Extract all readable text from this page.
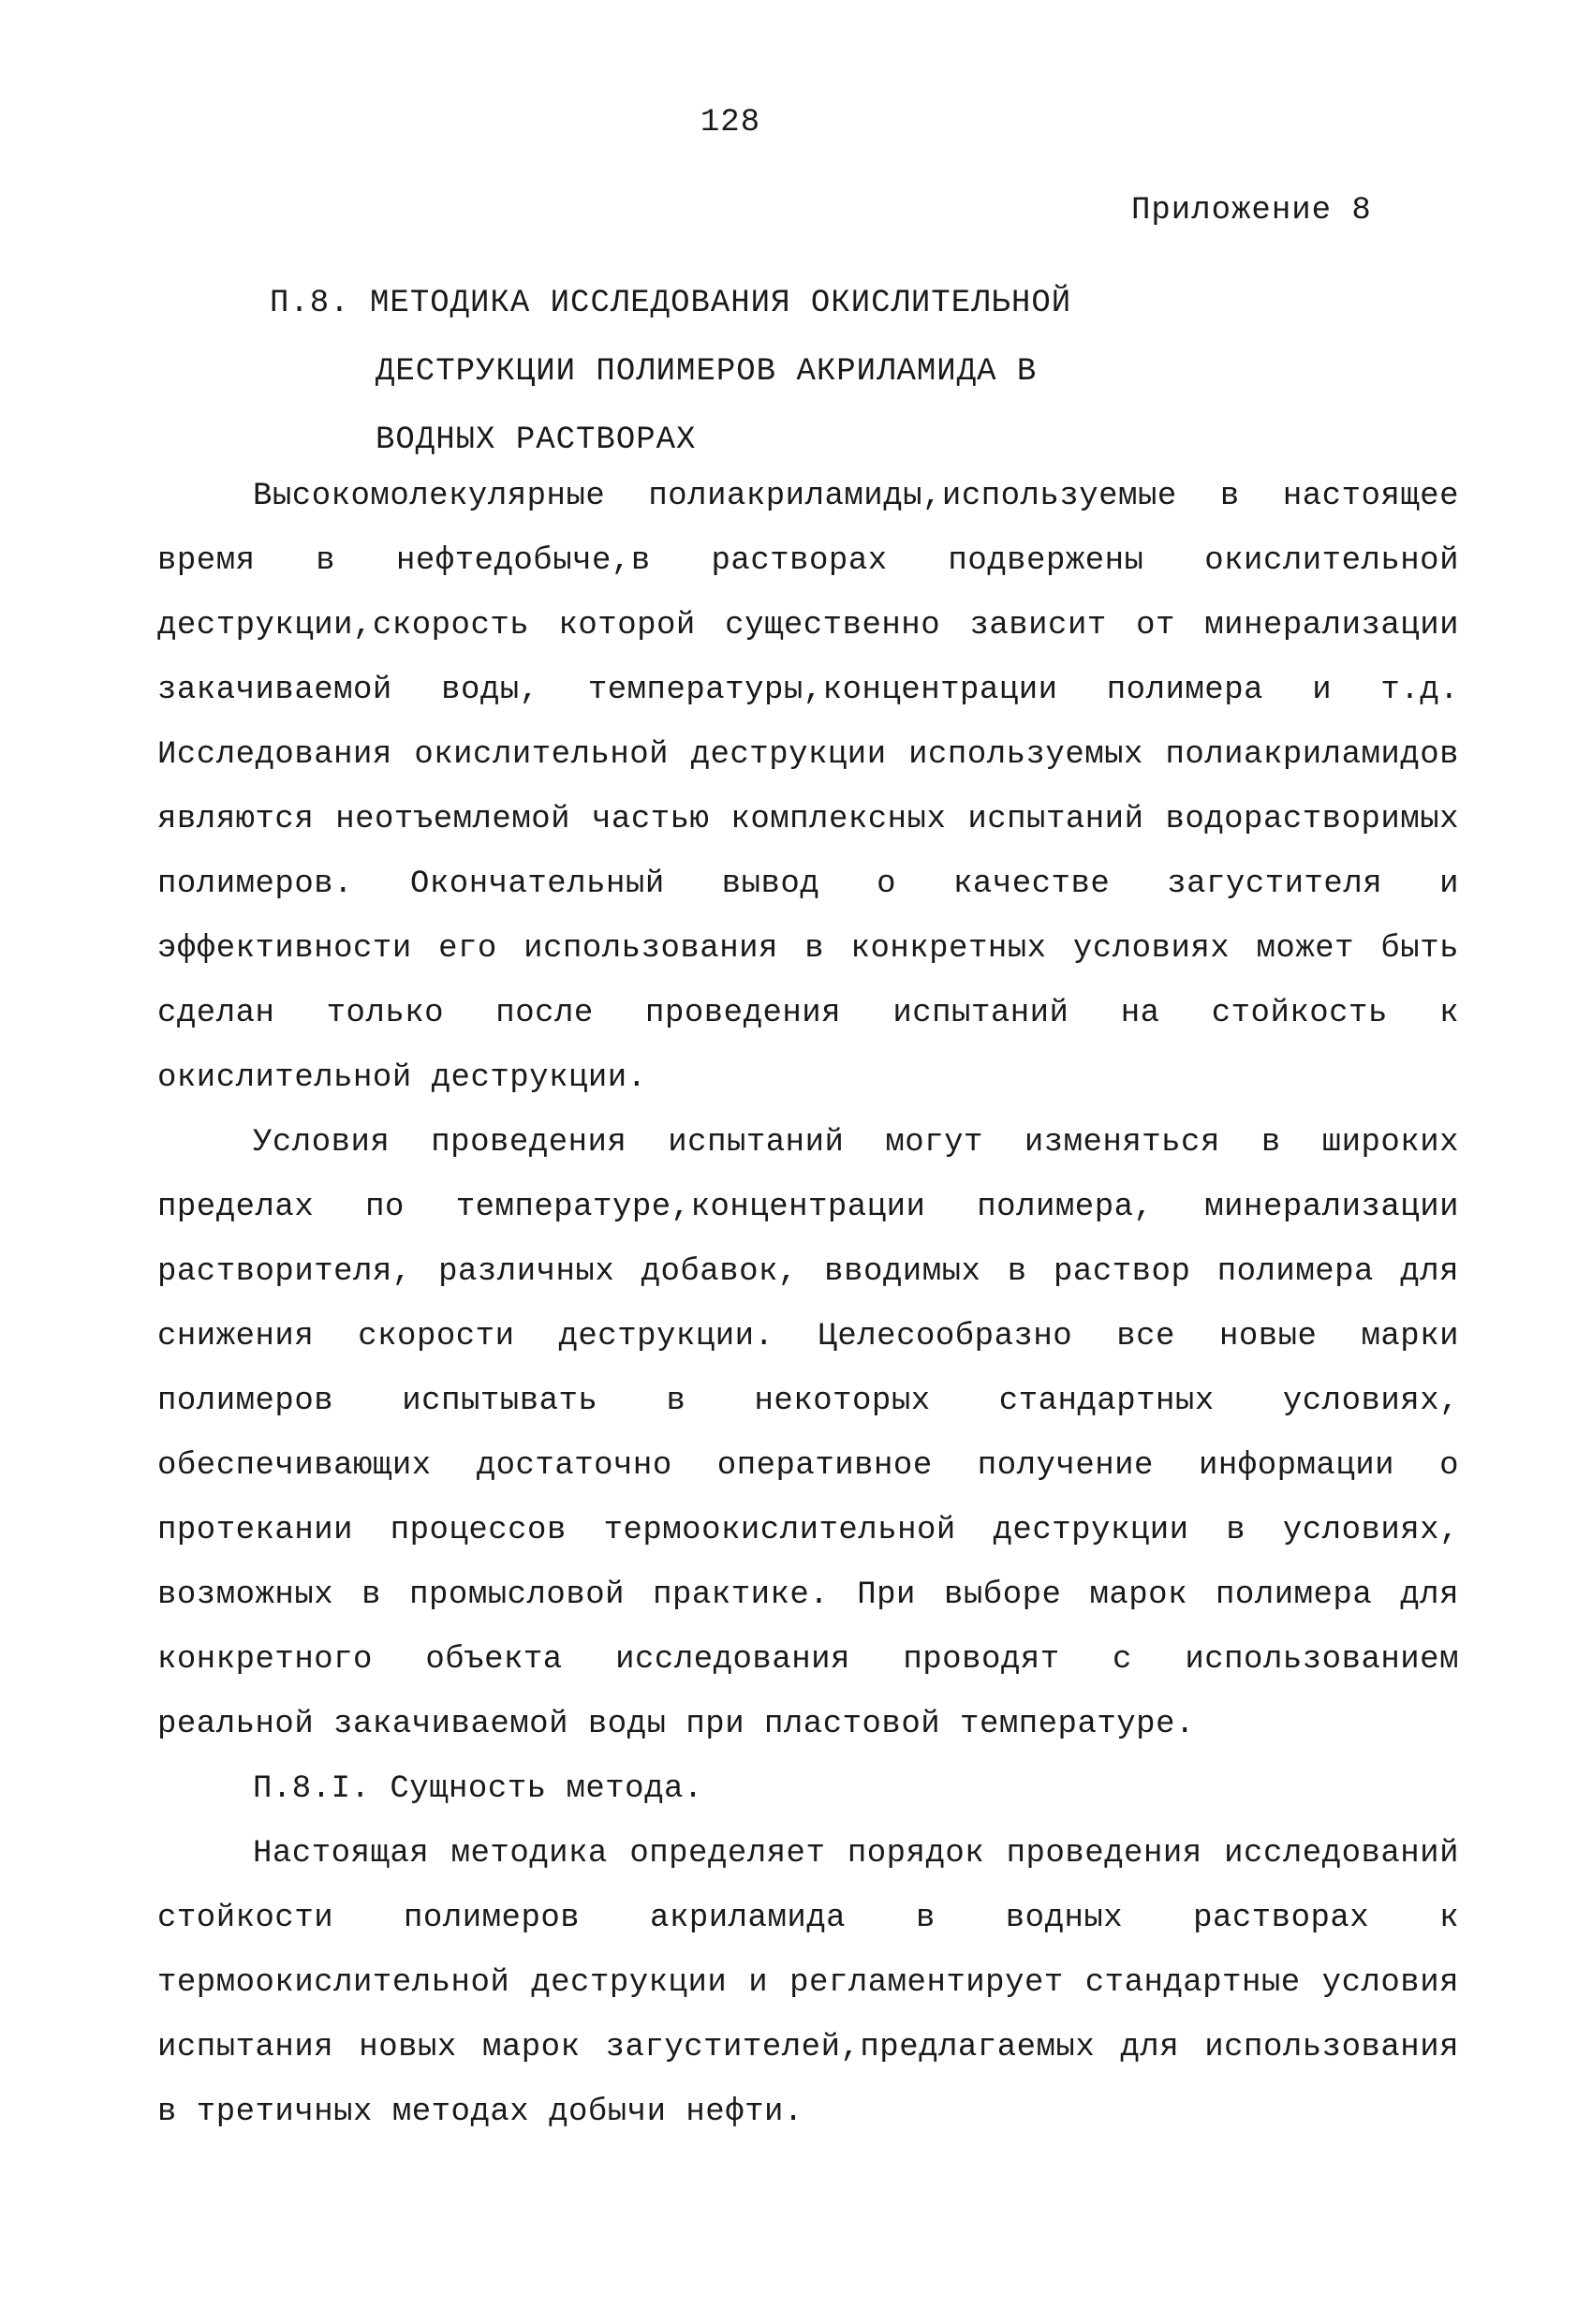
128
Приложение 8
П.8. МЕТОДИКА ИССЛЕДОВАНИЯ ОКИСЛИТЕЛЬНОЙ
ДЕСТРУКЦИИ ПОЛИМЕРОВ АКРИЛАМИДА В
ВОДНЫХ РАСТВОРАХ

Высокомолекулярные полиакриламиды,используемые в настоящее время в нефтедобыче,в растворах подвержены окислительной деструкции,скорость которой существенно зависит от минерализации закачиваемой воды, температуры,концентрации полимера и т.д. Исследования окислительной деструкции используемых полиакриламидов являются неотъемлемой частью комплексных испытаний водорастворимых полимеров. Окончательный вывод о качестве загустителя и эффективности его использования в конкретных условиях может быть сделан только после проведения испытаний на стойкость к окислительной деструкции.

Условия проведения испытаний могут изменяться в широких пределах по температуре,концентрации полимера, минерализации растворителя, различных добавок, вводимых в раствор полимера для снижения скорости деструкции. Целесообразно все новые марки полимеров испытывать в некоторых стандартных условиях, обеспечивающих достаточно оперативное получение информации о протекании процессов термоокислительной деструкции в условиях, возможных в промысловой практике. При выборе марок полимера для конкретного объекта исследования проводят с использованием реальной закачиваемой воды при пластовой температуре.

П.8.I. Сущность метода.

Настоящая методика определяет порядок проведения исследований стойкости полимеров акриламида в водных растворах к термоокислительной деструкции и регламентирует стандартные условия испытания новых марок загустителей,предлагаемых для использования в третичных методах добычи нефти.
